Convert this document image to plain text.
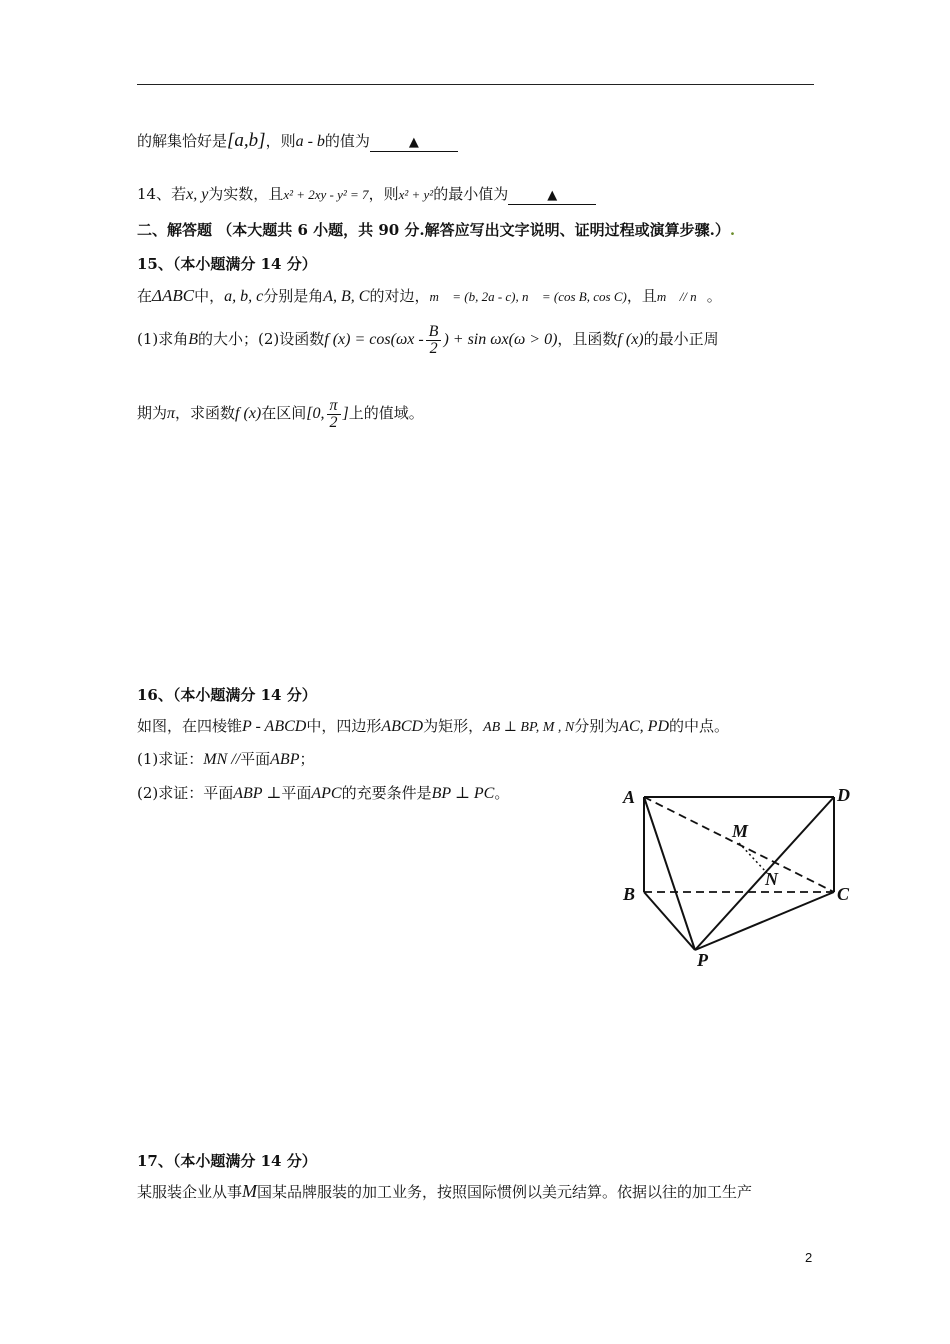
的解集恰好是[a,b]，则a - b的值为	▲
14、若x, y为实数，且x² + 2xy - y² = 7，则x² + y²的最小值为	▲
二、解答题 （本大题共 6 小题，共 90 分.解答应写出文字说明、证明过程或演算步骤.）.
15、（本小题满分 14 分）
在ΔABC中，a, b, c分别是角A, B, C的对边，m⃗ = (b, 2a - c), n⃗ = (cos B, cos C)，且m⃗ // n⃗。
(1)求角B的大小；(2)设函数f $(x) = \cos(\omega x - \frac{B}{2}$ ) + sin ωx(ω > 0)，且函数f (x)的最小正周
期为π，求函数f (x)在区间[0, $\frac{\pi}{2}$ ]上的值域。
16、（本小题满分 14 分）
如图，在四棱锥P - ABCD中，四边形ABCD为矩形，AB ⊥ BP, M , N分别为AC, PD的中点。
(1)求证：MN //平面ABP；
(2)求证：平面ABP ⊥平面APC的充要条件是BP ⊥ PC。	A	D
B	C
M
N
P
17、（本小题满分 14 分）
某服装企业从事M国某品牌服装的加工业务，按照国际惯例以美元结算。依据以往的加工生产
2
